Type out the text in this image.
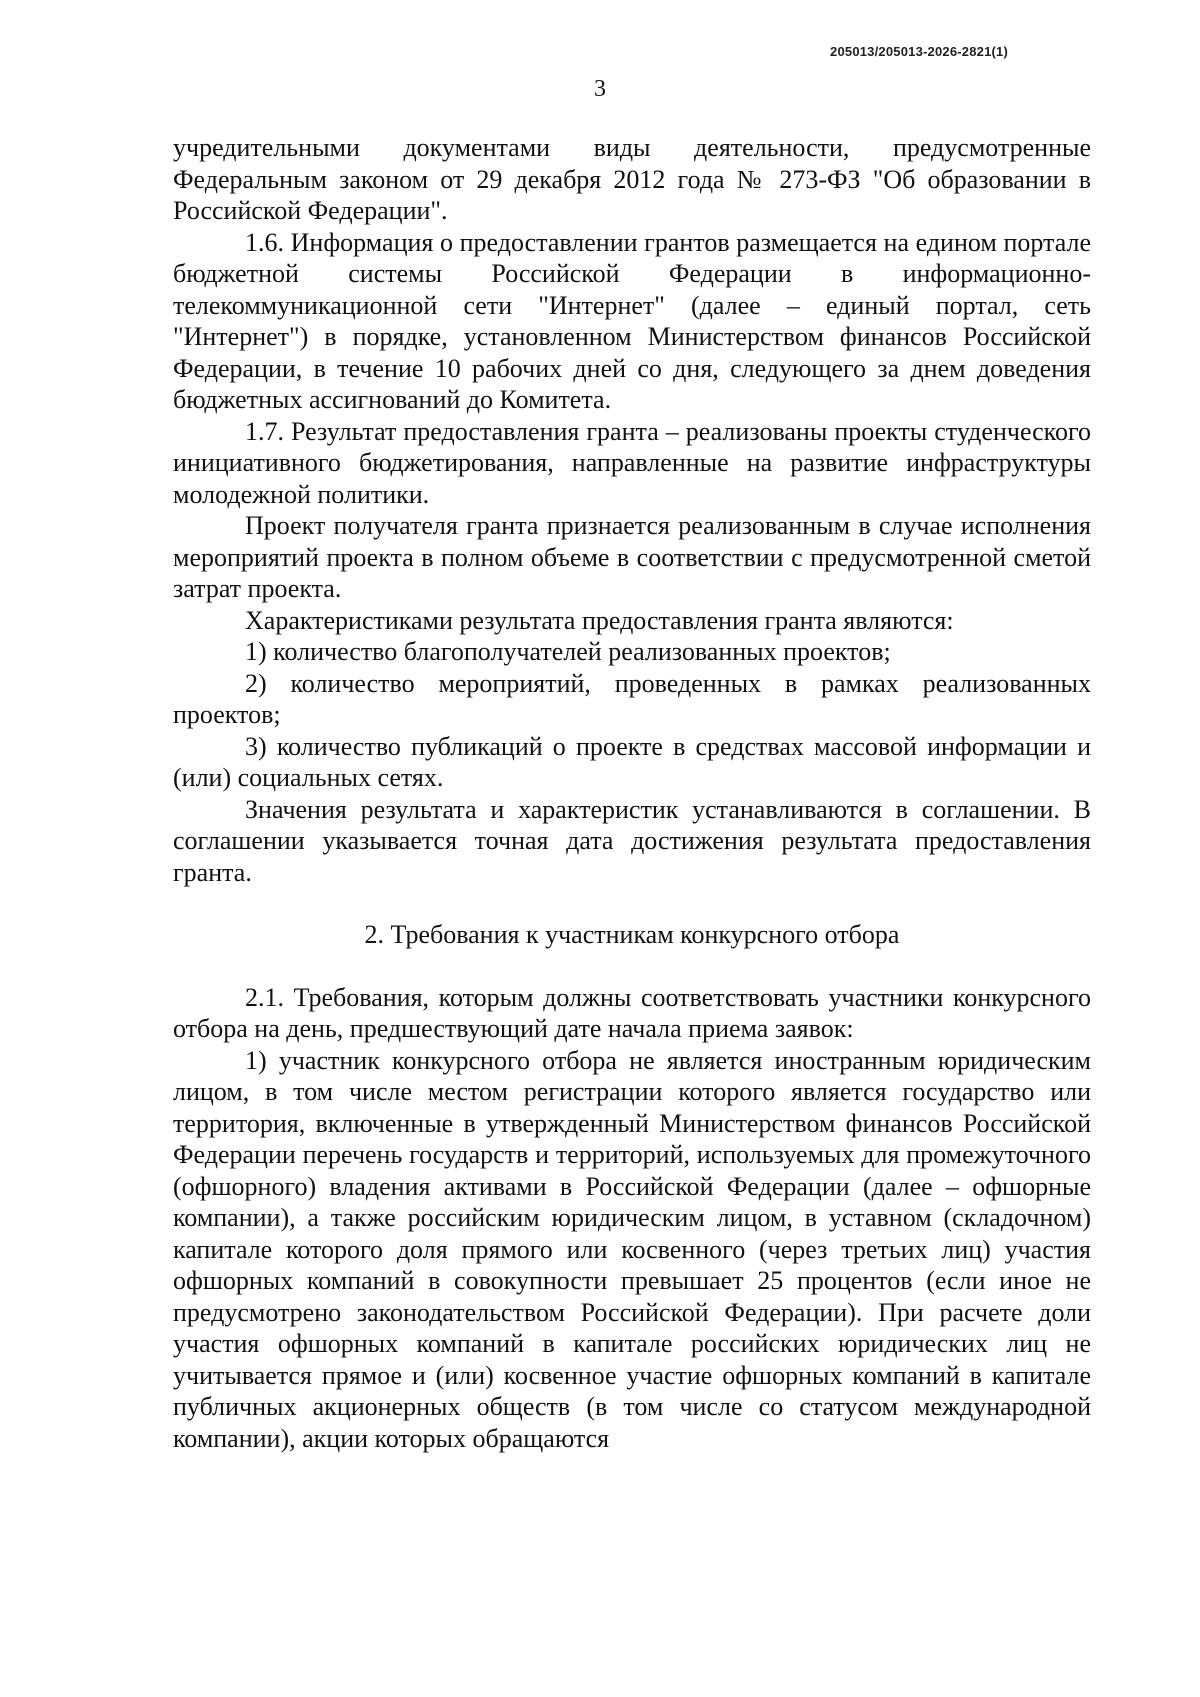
205013/205013-2026-2821(1)
3

учредительными документами виды деятельности, предусмотренные Федеральным законом от 29 декабря 2012 года № 273-ФЗ "Об образовании в Российской Федерации".

1.6. Информация о предоставлении грантов размещается на едином портале бюджетной системы Российской Федерации в информационно-телекоммуникационной сети "Интернет" (далее – единый портал, сеть "Интернет") в порядке, установленном Министерством финансов Российской Федерации, в течение 10 рабочих дней со дня, следующего за днем доведения бюджетных ассигнований до Комитета.

1.7. Результат предоставления гранта – реализованы проекты студенческого инициативного бюджетирования, направленные на развитие инфраструктуры молодежной политики.

Проект получателя гранта признается реализованным в случае исполнения мероприятий проекта в полном объеме в соответствии с предусмотренной сметой затрат проекта.

Характеристиками результата предоставления гранта являются:

1) количество благополучателей реализованных проектов;

2) количество мероприятий, проведенных в рамках реализованных проектов;

3) количество публикаций о проекте в средствах массовой информации и (или) социальных сетях.

Значения результата и характеристик устанавливаются в соглашении. В соглашении указывается точная дата достижения результата предоставления гранта.

2. Требования к участникам конкурсного отбора

2.1. Требования, которым должны соответствовать участники конкурсного отбора на день, предшествующий дате начала приема заявок:

1) участник конкурсного отбора не является иностранным юридическим лицом, в том числе местом регистрации которого является государство или территория, включенные в утвержденный Министерством финансов Российской Федерации перечень государств и территорий, используемых для промежуточного (офшорного) владения активами в Российской Федерации (далее – офшорные компании), а также российским юридическим лицом, в уставном (складочном) капитале которого доля прямого или косвенного (через третьих лиц) участия офшорных компаний в совокупности превышает 25 процентов (если иное не предусмотрено законодательством Российской Федерации). При расчете доли участия офшорных компаний в капитале российских юридических лиц не учитывается прямое и (или) косвенное участие офшорных компаний в капитале публичных акционерных обществ (в том числе со статусом международной компании), акции которых обращаются
